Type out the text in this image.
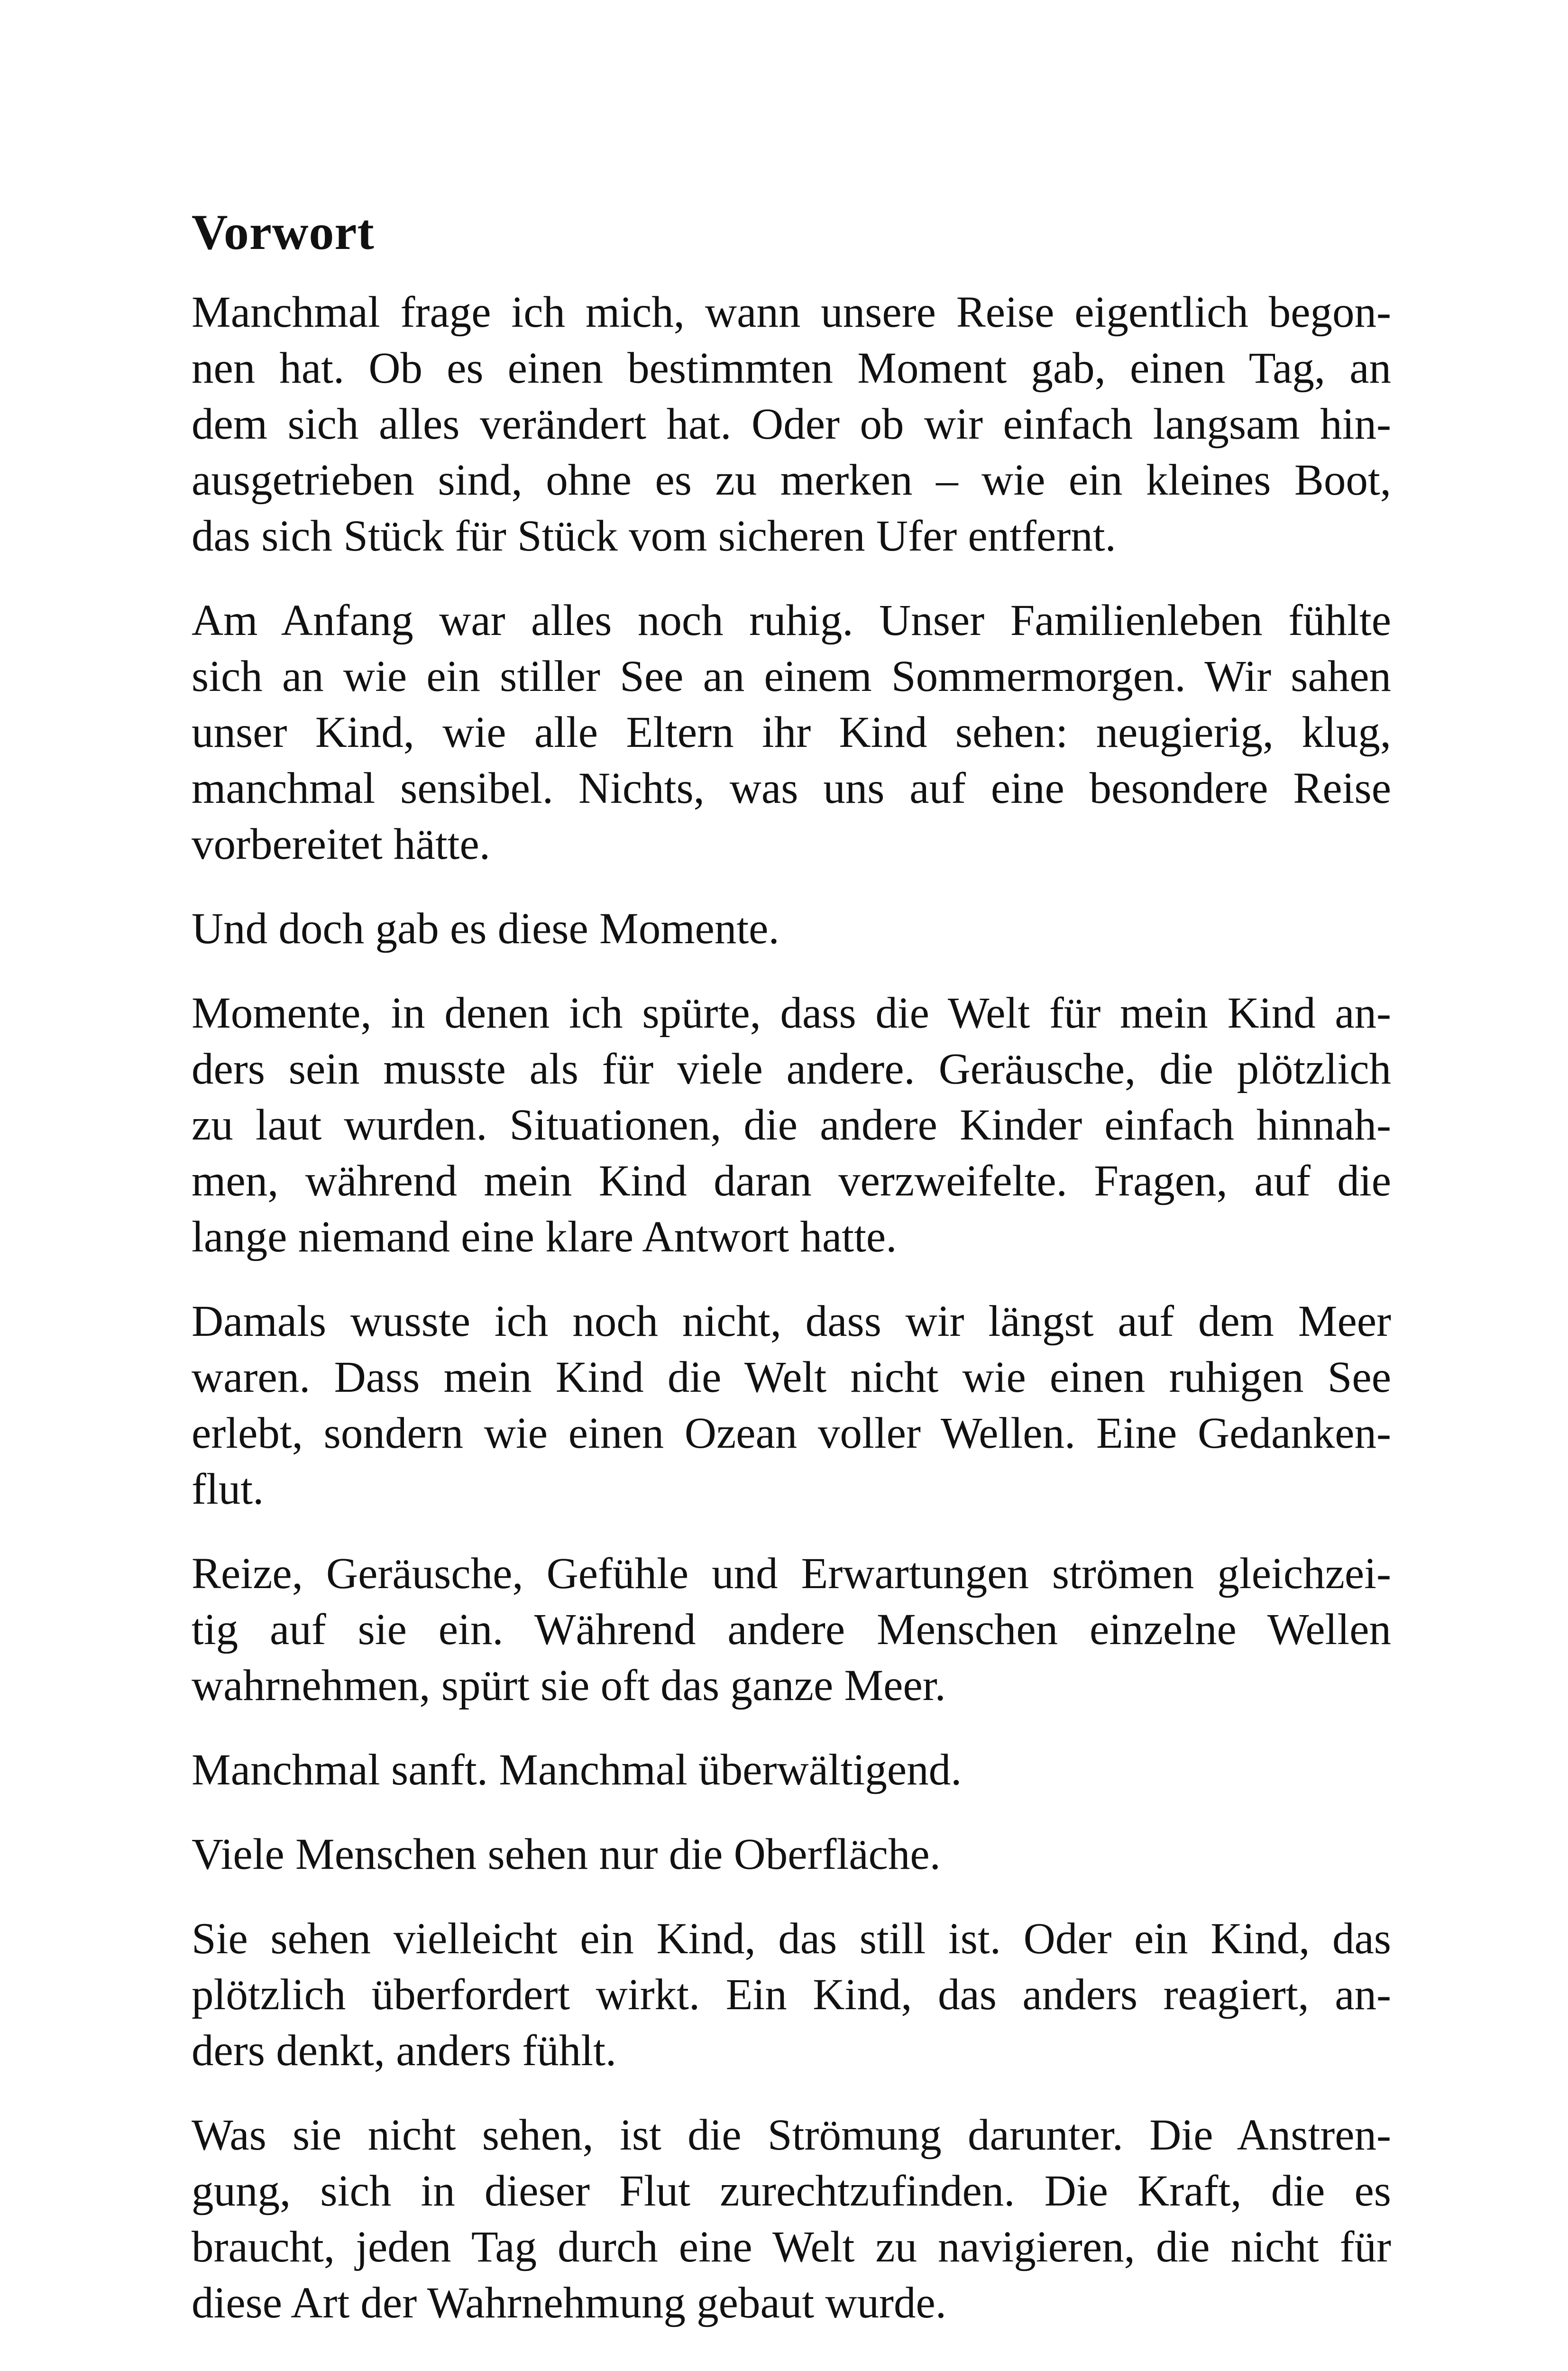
Vorwort
Manchmal frage ich mich, wann unsere Reise eigentlich begon-
nen hat. Ob es einen bestimmten Moment gab, einen Tag, an
dem sich alles verändert hat. Oder ob wir einfach langsam hin-
ausgetrieben sind, ohne es zu merken – wie ein kleines Boot,
das sich Stück für Stück vom sicheren Ufer entfernt.
Am Anfang war alles noch ruhig. Unser Familienleben fühlte
sich an wie ein stiller See an einem Sommermorgen. Wir sahen
unser Kind, wie alle Eltern ihr Kind sehen: neugierig, klug,
manchmal sensibel. Nichts, was uns auf eine besondere Reise
vorbereitet hätte.
Und doch gab es diese Momente.
Momente, in denen ich spürte, dass die Welt für mein Kind an-
ders sein musste als für viele andere. Geräusche, die plötzlich
zu laut wurden. Situationen, die andere Kinder einfach hinnah-
men, während mein Kind daran verzweifelte. Fragen, auf die
lange niemand eine klare Antwort hatte.
Damals wusste ich noch nicht, dass wir längst auf dem Meer
waren. Dass mein Kind die Welt nicht wie einen ruhigen See
erlebt, sondern wie einen Ozean voller Wellen. Eine Gedanken-
flut.
Reize, Geräusche, Gefühle und Erwartungen strömen gleichzei-
tig auf sie ein. Während andere Menschen einzelne Wellen
wahrnehmen, spürt sie oft das ganze Meer.
Manchmal sanft. Manchmal überwältigend.
Viele Menschen sehen nur die Oberfläche.
Sie sehen vielleicht ein Kind, das still ist. Oder ein Kind, das
plötzlich überfordert wirkt. Ein Kind, das anders reagiert, an-
ders denkt, anders fühlt.
Was sie nicht sehen, ist die Strömung darunter. Die Anstren-
gung, sich in dieser Flut zurechtzufinden. Die Kraft, die es
braucht, jeden Tag durch eine Welt zu navigieren, die nicht für
diese Art der Wahrnehmung gebaut wurde.
